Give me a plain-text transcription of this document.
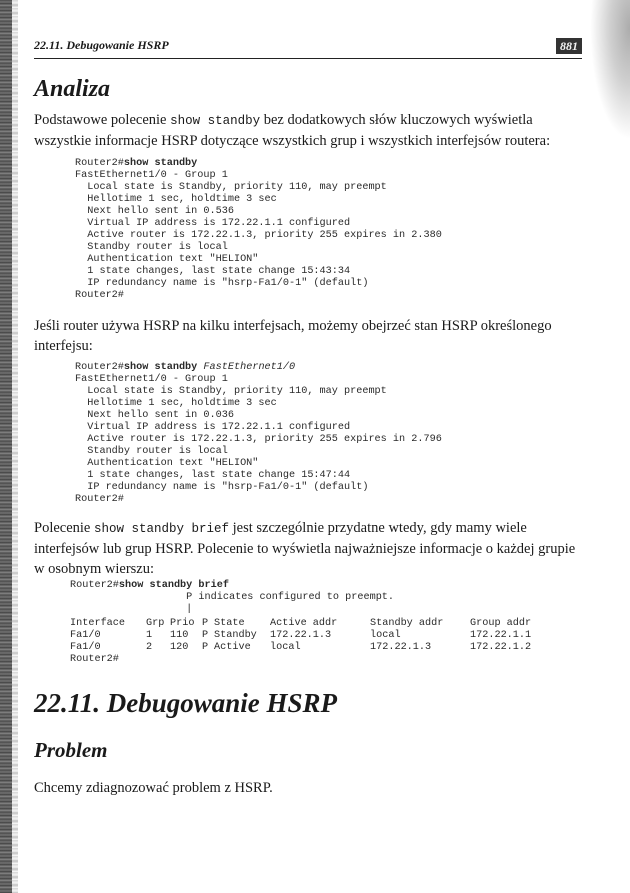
22.11. Debugowanie HSRP	881
Analiza

Podstawowe polecenie show standby bez dodatkowych słów kluczowych wyświetla wszystkie informacje HSRP dotyczące wszystkich grup i wszystkich interfejsów routera:

Router2#show standby
FastEthernet1/0 - Group 1
Local state is Standby, priority 110, may preempt
Hellotime 1 sec, holdtime 3 sec
Next hello sent in 0.536
Virtual IP address is 172.22.1.1 configured
Active router is 172.22.1.3, priority 255 expires in 2.380
Standby router is local
Authentication text "HELION"
1 state changes, last state change 15:43:34
IP redundancy name is "hsrp-Fa1/0-1" (default)
Router2#

Jeśli router używa HSRP na kilku interfejsach, możemy obejrzeć stan HSRP określonego interfejsu:

Router2#show standby FastEthernet1/0
FastEthernet1/0 - Group 1
Local state is Standby, priority 110, may preempt
Hellotime 1 sec, holdtime 3 sec
Next hello sent in 0.036
Virtual IP address is 172.22.1.1 configured
Active router is 172.22.1.3, priority 255 expires in 2.796
Standby router is local
Authentication text "HELION"
1 state changes, last state change 15:47:44
IP redundancy name is "hsrp-Fa1/0-1" (default)
Router2#

Polecenie show standby brief jest szczególnie przydatne wtedy, gdy mamy wiele interfejsów lub grup HSRP. Polecenie to wyświetla najważniejsze informacje o każdej grupie w osobnym wierszu:

Router2#show standby brief
P indicates configured to preempt.
|
Interface	Grp	Prio	P	State	Active addr	Standby addr	Group addr
Fa1/0	1	110	P	Standby	172.22.1.3	local	172.22.1.1
Fa1/0	2	120	P	Active	local	172.22.1.3	172.22.1.2
Router2#							
22.11. Debugowanie HSRP
Problem

Chcemy zdiagnozować problem z HSRP.
